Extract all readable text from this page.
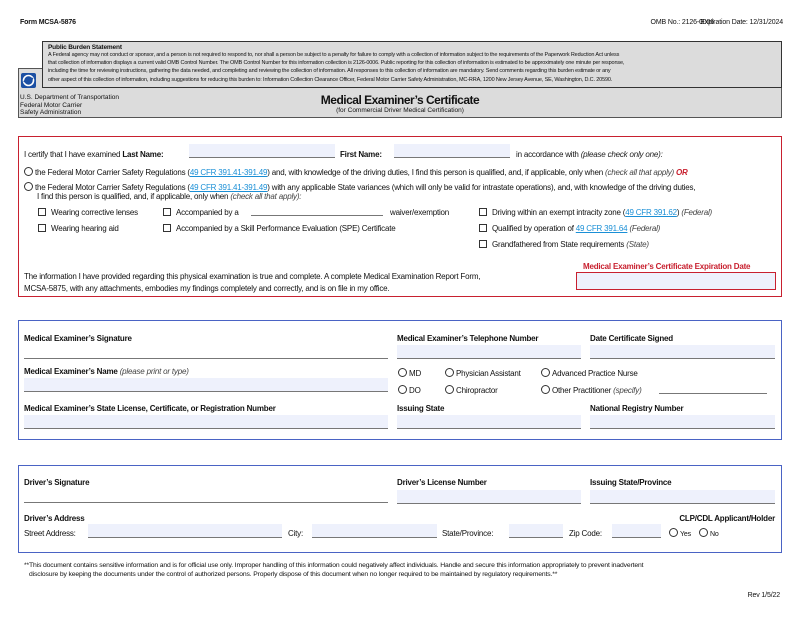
Form MCSA-5876	OMB No.: 2126-0006
Expiration Date: 12/31/2024
Public Burden Statement
A Federal agency may not conduct or sponsor, and a person is not required to respond to, nor shall a person be subject to a penalty for failure to comply with a collection of information subject to the requirements of the Paperwork Reduction Act unless
that collection of information displays a current valid OMB Control Number. The OMB Control Number for this information collection is 2126-0006. Public reporting for this collection of information is estimated to be approximately one minute per response,
including the time for reviewing instructions, gathering the data needed, and completing and reviewing the collection of information. All responses to this collection of information are mandatory. Send comments regarding this burden estimate or any
other aspect of this collection of information, including suggestions for reducing this burden to: Information Collection Clearance Officer, Federal Motor Carrier Safety Administration, MC-RRA, 1200 New Jersey Avenue, SE, Washington, D.C. 20590.
U.S. Department of Transportation
Federal Motor Carrier
Safety Administration
Medical Examiner’s Certificate
(for Commercial Driver Medical Certification)
I certify that I have examined Last Name:	First Name:	in accordance with (please check only one):
the Federal Motor Carrier Safety Regulations (49 CFR 391.41-391.49) and, with knowledge of the driving duties, I find this person is qualified, and, if applicable, only when (check all that apply) OR
the Federal Motor Carrier Safety Regulations (49 CFR 391.41-391.49) with any applicable State variances (which will only be valid for intrastate operations), and, with knowledge of the driving duties,
I find this person is qualified, and, if applicable, only when (check all that apply):
Wearing corrective lenses
Wearing hearing aid
Accompanied by a	waiver/exemption
Accompanied by a Skill Performance Evaluation (SPE) Certificate
Driving within an exempt intracity zone (49 CFR 391.62) (Federal)
Qualified by operation of 49 CFR 391.64 (Federal)
Grandfathered from State requirements (State)
The information I have provided regarding this physical examination is true and complete. A complete Medical Examination Report Form,
MCSA-5875, with any attachments, embodies my findings completely and correctly, and is on file in my office.
Medical Examiner’s Certificate Expiration Date
Medical Examiner’s Signature	Medical Examiner’s Telephone Number	Date Certificate Signed
Medical Examiner’s Name (please print or type)	MD
DO
Physician Assistant
Chiropractor
Advanced Practice Nurse
Other Practitioner (specify)
Medical Examiner’s State License, Certificate, or Registration Number	Issuing State	National Registry Number
Driver’s Signature	Driver’s License Number	Issuing State/Province
Driver’s Address	CLP/CDL Applicant/Holder
Street Address:	City:	State/Province:	Zip Code:	Yes	No
**This document contains sensitive information and is for official use only. Improper handling of this information could negatively affect individuals. Handle and secure this information appropriately to prevent inadvertent
disclosure by keeping the documents under the control of authorized persons. Properly dispose of this document when no longer required to be maintained by regulatory requirements.**
Rev 1/5/22
